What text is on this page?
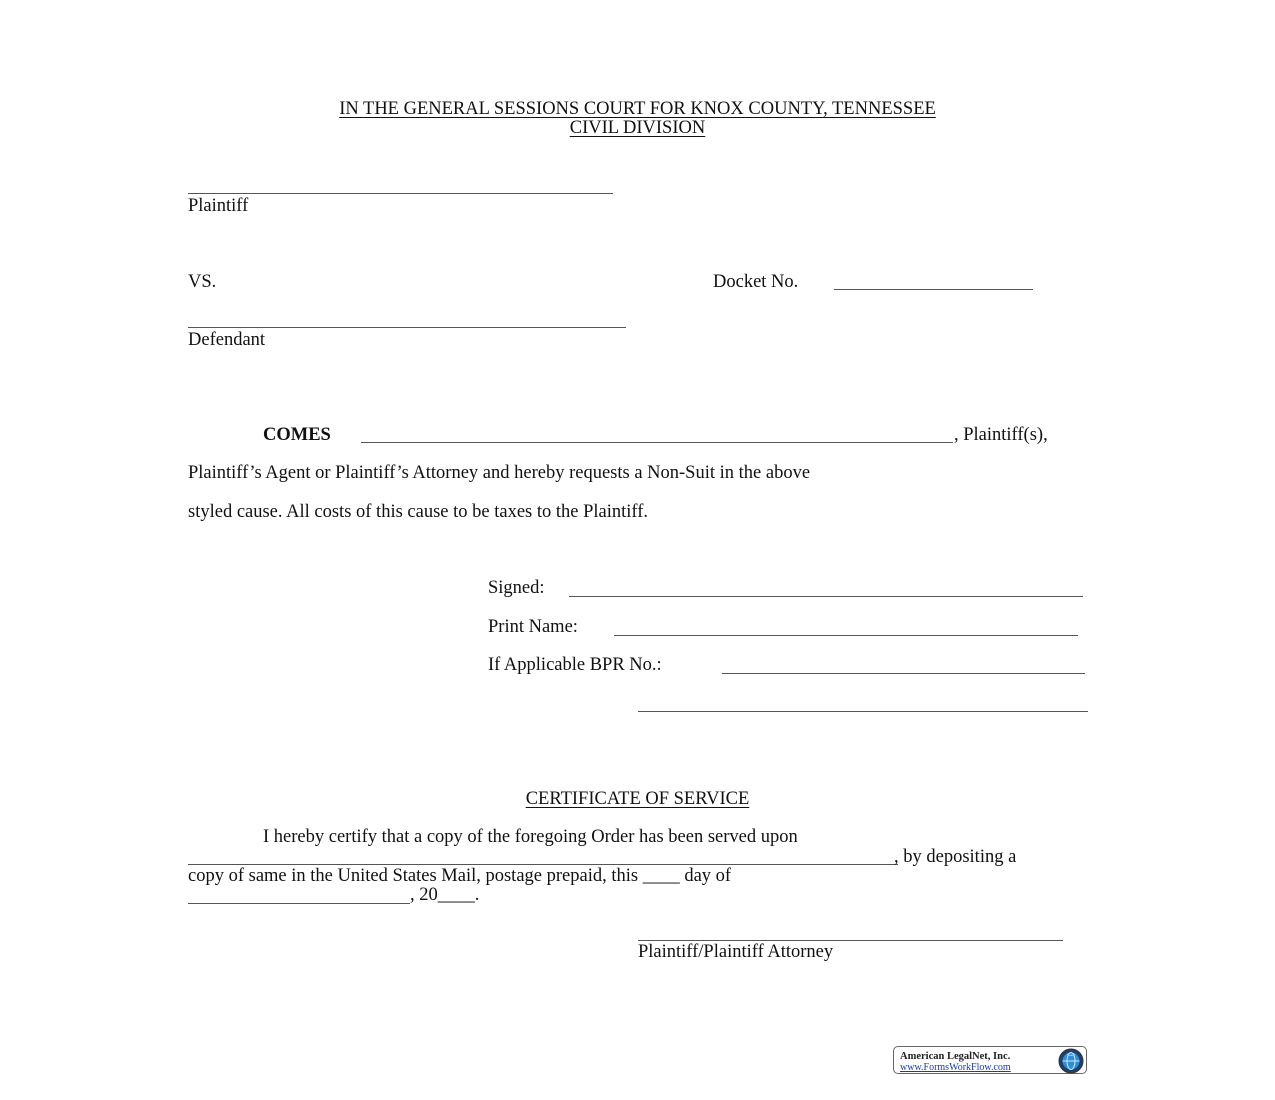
IN THE GENERAL SESSIONS COURT FOR KNOX COUNTY, TENNESSEE
CIVIL DIVISION
Plaintiff
VS.	Docket No.
Defendant
COMES	, Plaintiff(s),
Plaintiff’s Agent or Plaintiff’s Attorney and hereby requests a Non-Suit in the above
styled cause. All costs of this cause to be taxes to the Plaintiff.
Signed:
Print Name:
If Applicable BPR No.:
CERTIFICATE OF SERVICE
I hereby certify that a copy of the foregoing Order has been served upon
, by depositing a
copy of same in the United States Mail, postage prepaid, this ____ day of
, 20____.
Plaintiff/Plaintiff Attorney
American LegalNet, Inc.
www.FormsWorkFlow.com
